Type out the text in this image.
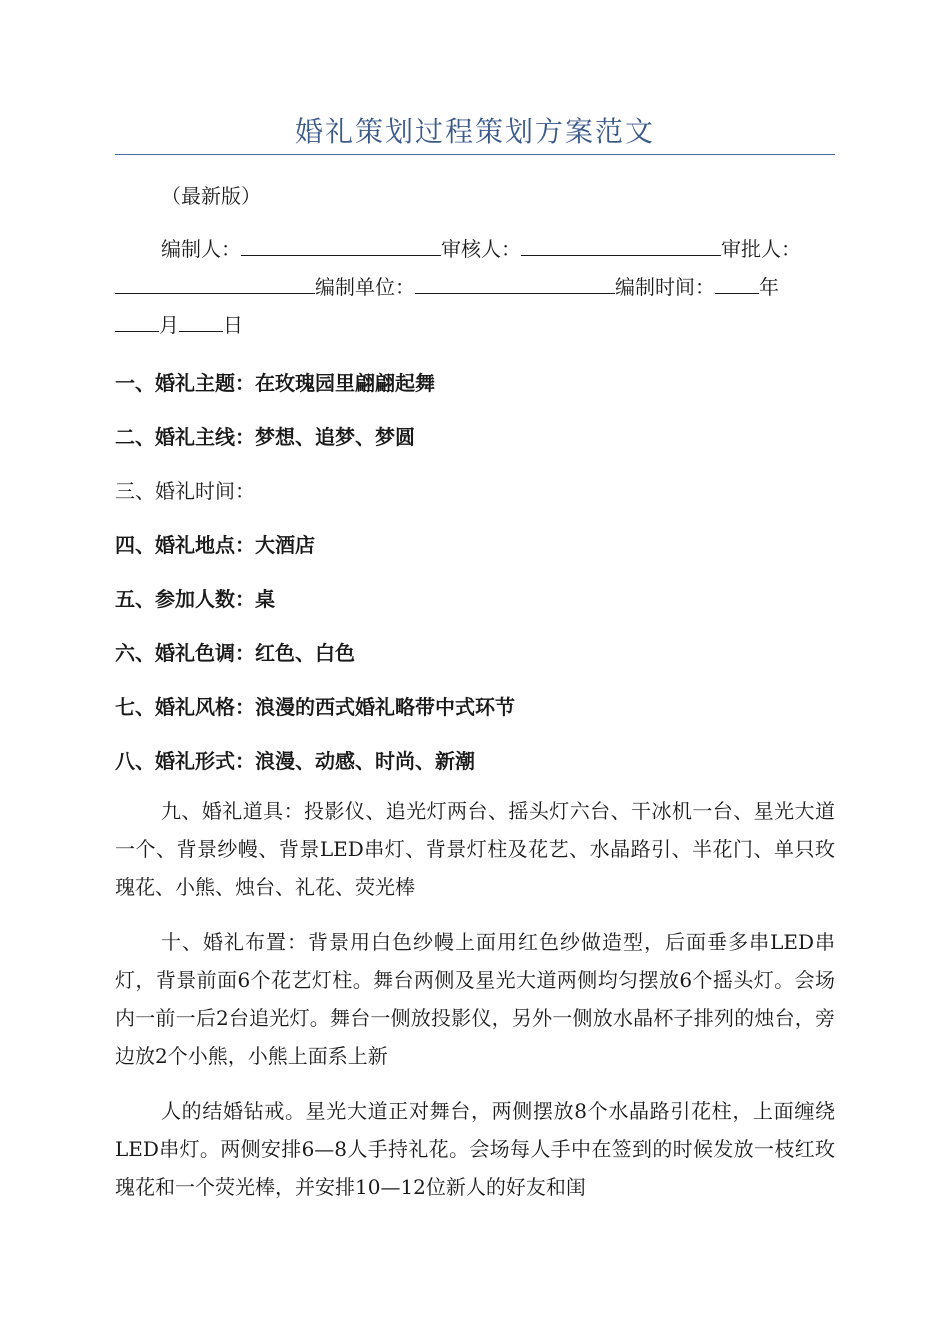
婚礼策划过程策划方案范文
（最新版）
编制人：	审核人：	审批人：
编制单位：	编制时间： 年
月 日
一、婚礼主题：在玫瑰园里翩翩起舞
二、婚礼主线：梦想、追梦、梦圆
三、婚礼时间：
四、婚礼地点：大酒店
五、参加人数：桌
六、婚礼色调：红色、白色
七、婚礼风格：浪漫的西式婚礼略带中式环节
八、婚礼形式：浪漫、动感、时尚、新潮
九、婚礼道具：投影仪、追光灯两台、摇头灯六台、干冰机一台、星光大道一个、背景纱幔、背景LED串灯、背景灯柱及花艺、水晶路引、半花门、单只玫瑰花、小熊、烛台、礼花、荧光棒
十、婚礼布置：背景用白色纱幔上面用红色纱做造型，后面垂多串LED串灯，背景前面6个花艺灯柱。舞台两侧及星光大道两侧均匀摆放6个摇头灯。会场内一前一后2台追光灯。舞台一侧放投影仪，另外一侧放水晶杯子排列的烛台，旁边放2个小熊，小熊上面系上新
人的结婚钻戒。星光大道正对舞台，两侧摆放8个水晶路引花柱，上面缠绕LED串灯。两侧安排6—8人手持礼花。会场每人手中在签到的时候发放一枝红玫瑰花和一个荧光棒，并安排10—12位新人的好友和闺
